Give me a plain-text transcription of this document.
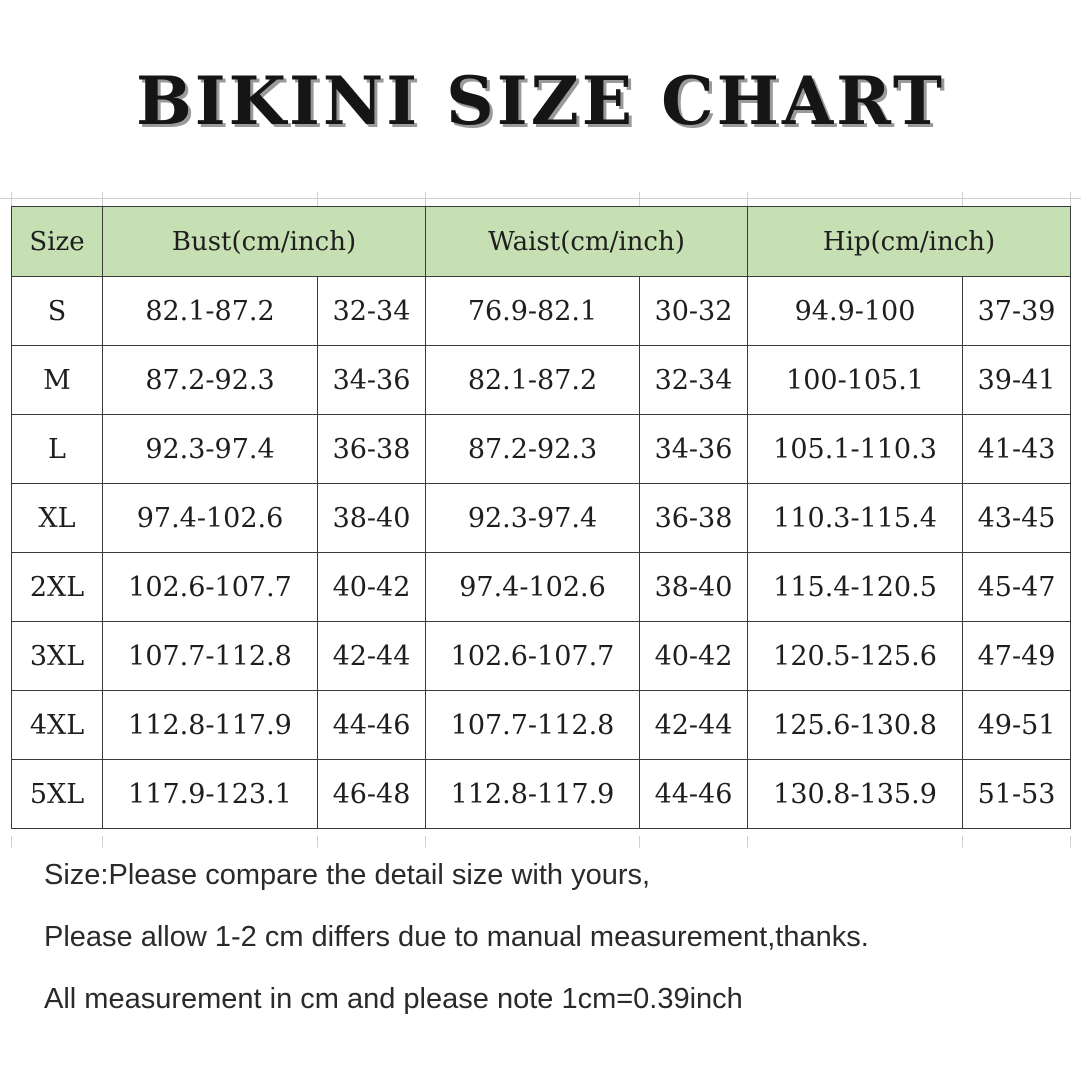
BIKINI SIZE CHART
Size	Bust(cm/inch)		Waist(cm/inch)		Hip(cm/inch)	
S	82.1-87.2	32-34	76.9-82.1	30-32	94.9-100	37-39
M	87.2-92.3	34-36	82.1-87.2	32-34	100-105.1	39-41
L	92.3-97.4	36-38	87.2-92.3	34-36	105.1-110.3	41-43
XL	97.4-102.6	38-40	92.3-97.4	36-38	110.3-115.4	43-45
2XL	102.6-107.7	40-42	97.4-102.6	38-40	115.4-120.5	45-47
3XL	107.7-112.8	42-44	102.6-107.7	40-42	120.5-125.6	47-49
4XL	112.8-117.9	44-46	107.7-112.8	42-44	125.6-130.8	49-51
5XL	117.9-123.1	46-48	112.8-117.9	44-46	130.8-135.9	51-53
Size:Please compare the detail size with yours,
Please allow 1-2 cm differs due to manual measurement,thanks.
All measurement in cm and please note 1cm=0.39inch
